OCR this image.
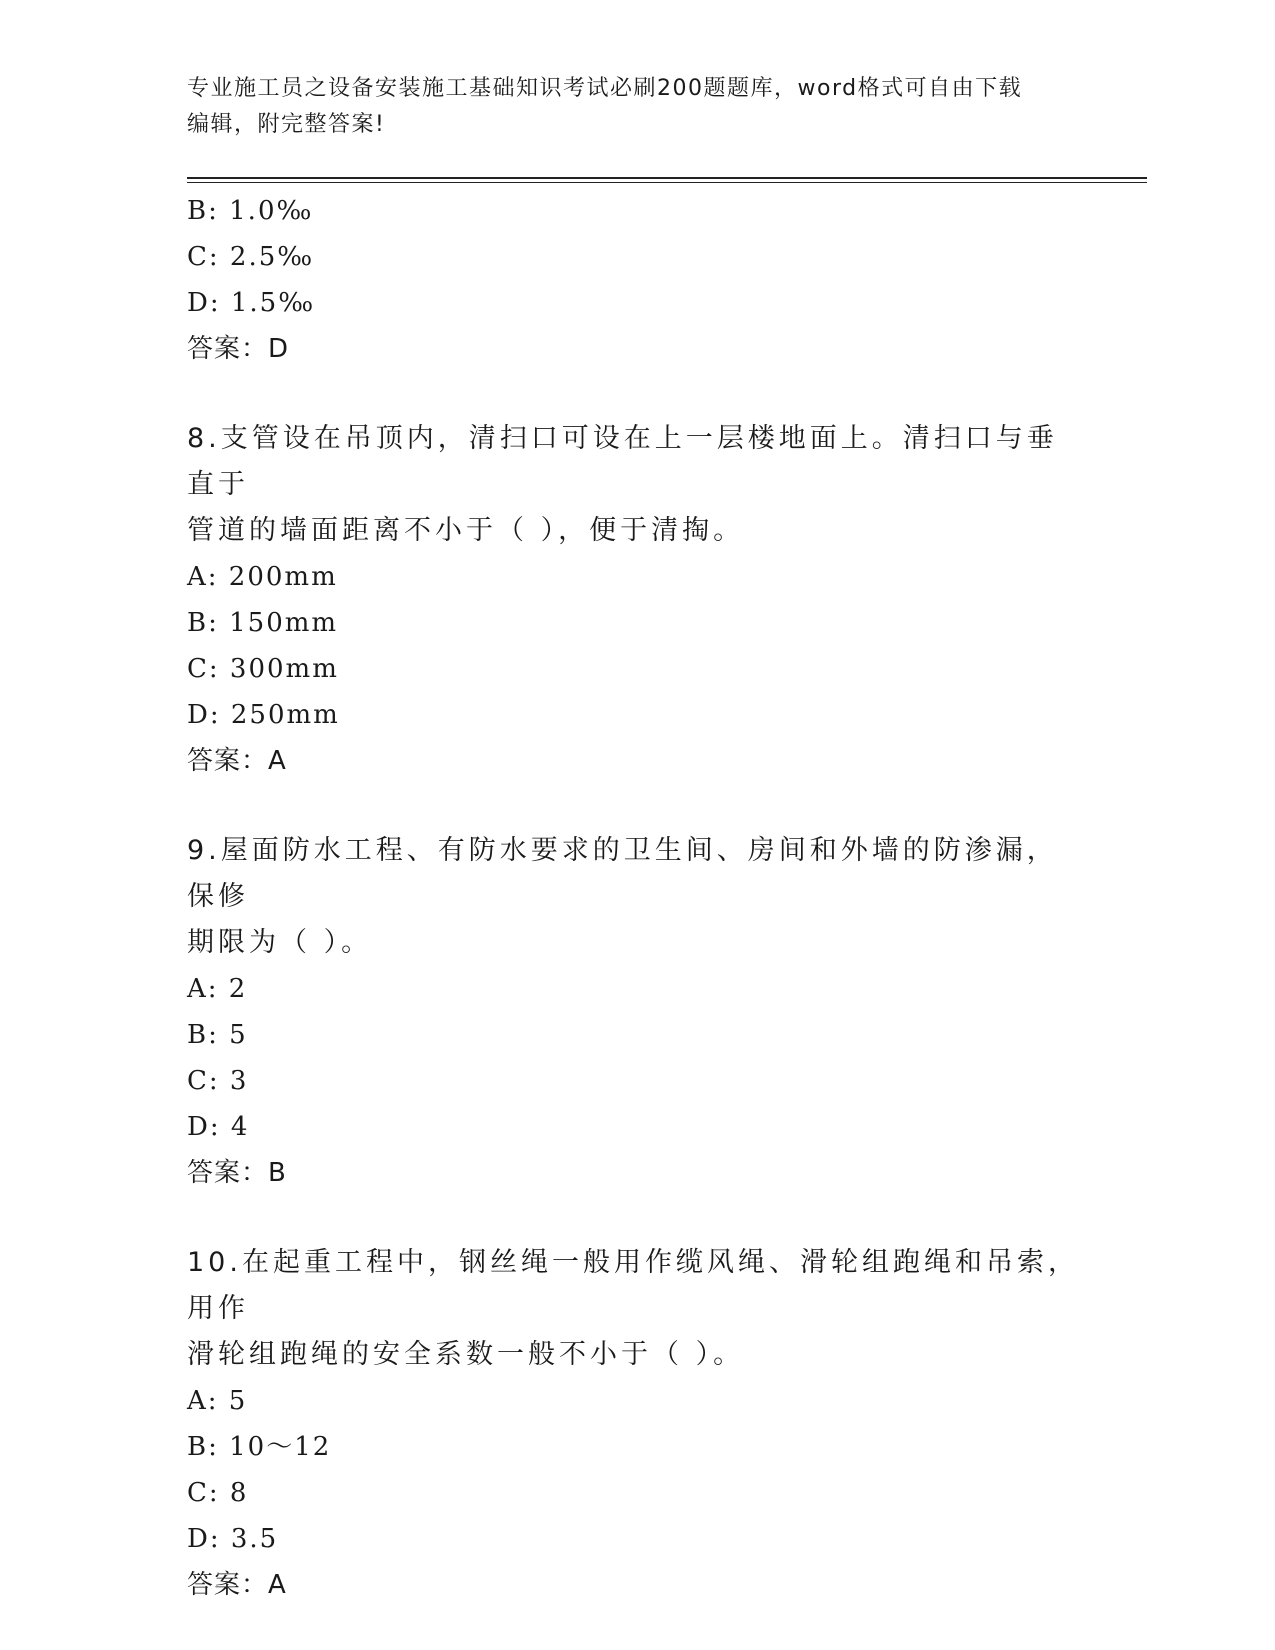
专业施工员之设备安装施工基础知识考试必刷200题题库，word格式可自由下载
编辑，附完整答案!
B: 1.0‰
C: 2.5‰
D: 1.5‰
答案：D
8.支管设在吊顶内，清扫口可设在上一层楼地面上。清扫口与垂直于
管道的墙面距离不小于（ ），便于清掏。
A: 200mm
B: 150mm
C: 300mm
D: 250mm
答案：A
9.屋面防水工程、有防水要求的卫生间、房间和外墙的防渗漏，保修
期限为（ ）。
A: 2
B: 5
C: 3
D: 4
答案：B
10.在起重工程中，钢丝绳一般用作缆风绳、滑轮组跑绳和吊索，用作
滑轮组跑绳的安全系数一般不小于（ ）。
A: 5
B: 10～12
C: 8
D: 3.5
答案：A
